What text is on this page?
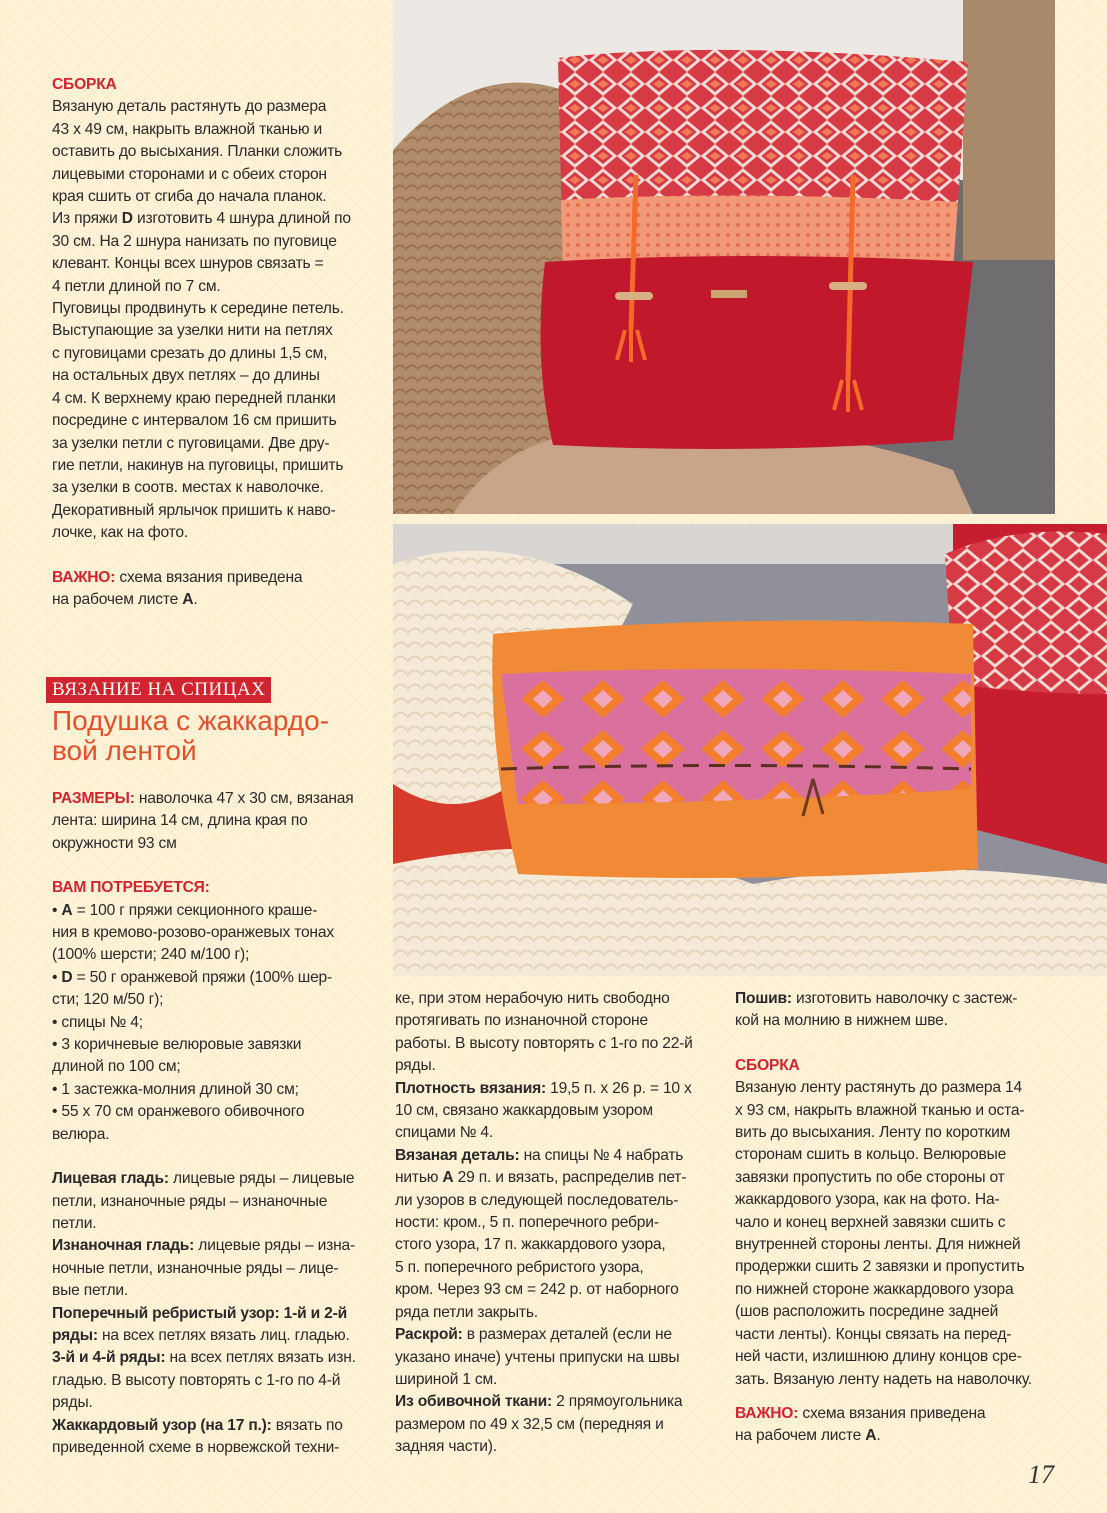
СБОРКА

Вязаную деталь растянуть до размера

43 х 49 см, накрыть влажной тканью и

оставить до высыхания. Планки сложить

лицевыми сторонами и с обеих сторон

края сшить от сгиба до начала планок.

Из пряжи D изготовить 4 шнура длиной по

30 см. На 2 шнура нанизать по пуговице

клевант. Концы всех шнуров связать =

4 петли длиной по 7 см.

Пуговицы продвинуть к середине петель.

Выступающие за узелки нити на петлях

с пуговицами срезать до длины 1,5 см,

на остальных двух петлях – до длины

4 см. К верхнему краю передней планки

посредине с интервалом 16 см пришить

за узелки петли с пуговицами. Две дру-

гие петли, накинув на пуговицы, пришить

за узелки в соотв. местах к наволочке.

Декоративный ярлычок пришить к наво-

лочке, как на фото.

ВАЖНО: схема вязания приведена

на рабочем листе А.

ВЯЗАНИЕ НА СПИЦАХ
Подушка с жаккардо-
вой лентой

РАЗМЕРЫ: наволочка 47 х 30 см, вязаная

лента: ширина 14 см, длина края по

окружности 93 см

ВАМ ПОТРЕБУЕТСЯ:

• А = 100 г пряжи секционного краше-

ния в кремово-розово-оранжевых тонах

(100% шерсти; 240 м/100 г);

• D = 50 г оранжевой пряжи (100% шер-

сти; 120 м/50 г);

• спицы № 4;

• 3 коричневые велюровые завязки

длиной по 100 см;

• 1 застежка-молния длиной 30 см;

• 55 х 70 см оранжевого обивочного

велюра.

Лицевая гладь: лицевые ряды – лицевые

петли, изнаночные ряды – изнаночные

петли.

Изнаночная гладь: лицевые ряды – изна-

ночные петли, изнаночные ряды – лице-

вые петли.

Поперечный ребристый узор: 1-й и 2-й

ряды: на всех петлях вязать лиц. гладью.

3-й и 4-й ряды: на всех петлях вязать изн.

гладью. В высоту повторять с 1-го по 4-й

ряды.

Жаккардовый узор (на 17 п.): вязать по

приведенной схеме в норвежской техни-

ке, при этом нерабочую нить свободно

протягивать по изнаночной стороне

работы. В высоту повторять с 1-го по 22-й

ряды.

Плотность вязания: 19,5 п. х 26 р. = 10 х

10 см, связано жаккардовым узором

спицами № 4.

Вязаная деталь: на спицы № 4 набрать

нитью А 29 п. и вязать, распределив пет-

ли узоров в следующей последователь-

ности: кром., 5 п. поперечного ребри-

стого узора, 17 п. жаккардового узора,

5 п. поперечного ребристого узора,

кром. Через 93 см = 242 р. от наборного

ряда петли закрыть.

Раскрой: в размерах деталей (если не

указано иначе) учтены припуски на швы

шириной 1 см.

Из обивочной ткани: 2 прямоугольника

размером по 49 х 32,5 см (передняя и

задняя части).

Пошив: изготовить наволочку с застеж-

кой на молнию в нижнем шве.

СБОРКА

Вязаную ленту растянуть до размера 14

х 93 см, накрыть влажной тканью и оста-

вить до высыхания. Ленту по коротким

сторонам сшить в кольцо. Велюровые

завязки пропустить по обе стороны от

жаккардового узора, как на фото. На-

чало и конец верхней завязки сшить с

внутренней стороны ленты. Для нижней

продержки сшить 2 завязки и пропустить

по нижней стороне жаккардового узора

(шов расположить посредине задней

части ленты). Концы связать на перед-

ней части, излишнюю длину концов сре-

зать. Вязаную ленту надеть на наволочку.

ВАЖНО: схема вязания приведена

на рабочем листе А.

17
